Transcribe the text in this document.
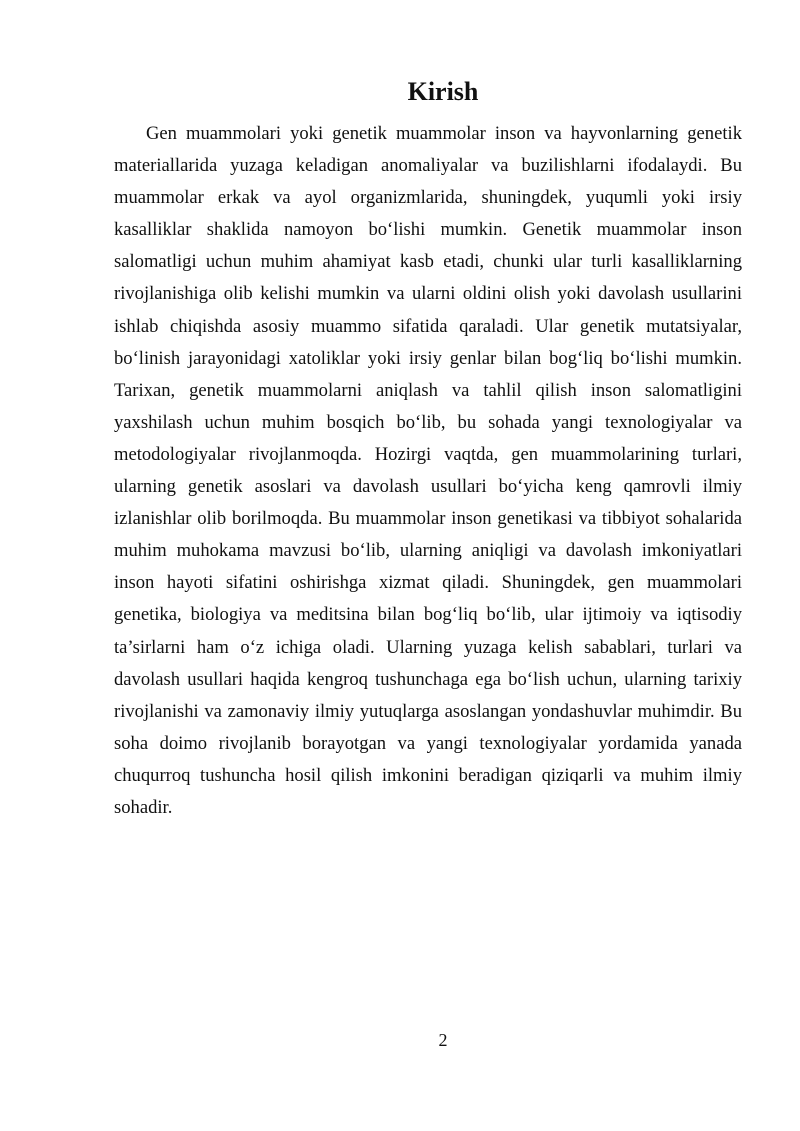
Kirish

Gen muammolari yoki genetik muammolar inson va hayvonlarning genetik materiallarida yuzaga keladigan anomaliyalar va buzilishlarni ifodalaydi. Bu muammolar erkak va ayol organizmlarida, shuningdek, yuqumli yoki irsiy kasalliklar shaklida namoyon bo‘lishi mumkin. Genetik muammolar inson salomatligi uchun muhim ahamiyat kasb etadi, chunki ular turli kasalliklarning rivojlanishiga olib kelishi mumkin va ularni oldini olish yoki davolash usullarini ishlab chiqishda asosiy muammo sifatida qaraladi. Ular genetik mutatsiyalar, bo‘linish jarayonidagi xatoliklar yoki irsiy genlar bilan bog‘liq bo‘lishi mumkin. Tarixan, genetik muammolarni aniqlash va tahlil qilish inson salomatligini yaxshilash uchun muhim bosqich bo‘lib, bu sohada yangi texnologiyalar va metodologiyalar rivojlanmoqda. Hozirgi vaqtda, gen muammolarining turlari, ularning genetik asoslari va davolash usullari bo‘yicha keng qamrovli ilmiy izlanishlar olib borilmoqda. Bu muammolar inson genetikasi va tibbiyot sohalarida muhim muhokama mavzusi bo‘lib, ularning aniqligi va davolash imkoniyatlari inson hayoti sifatini oshirishga xizmat qiladi. Shuningdek, gen muammolari genetika, biologiya va meditsina bilan bog‘liq bo‘lib, ular ijtimoiy va iqtisodiy ta’sirlarni ham o‘z ichiga oladi. Ularning yuzaga kelish sabablari, turlari va davolash usullari haqida kengroq tushunchaga ega bo‘lish uchun, ularning tarixiy rivojlanishi va zamonaviy ilmiy yutuqlarga asoslangan yondashuvlar muhimdir. Bu soha doimo rivojlanib borayotgan va yangi texnologiyalar yordamida yanada chuqurroq tushuncha hosil qilish imkonini beradigan qiziqarli va muhim ilmiy sohadir.

2
